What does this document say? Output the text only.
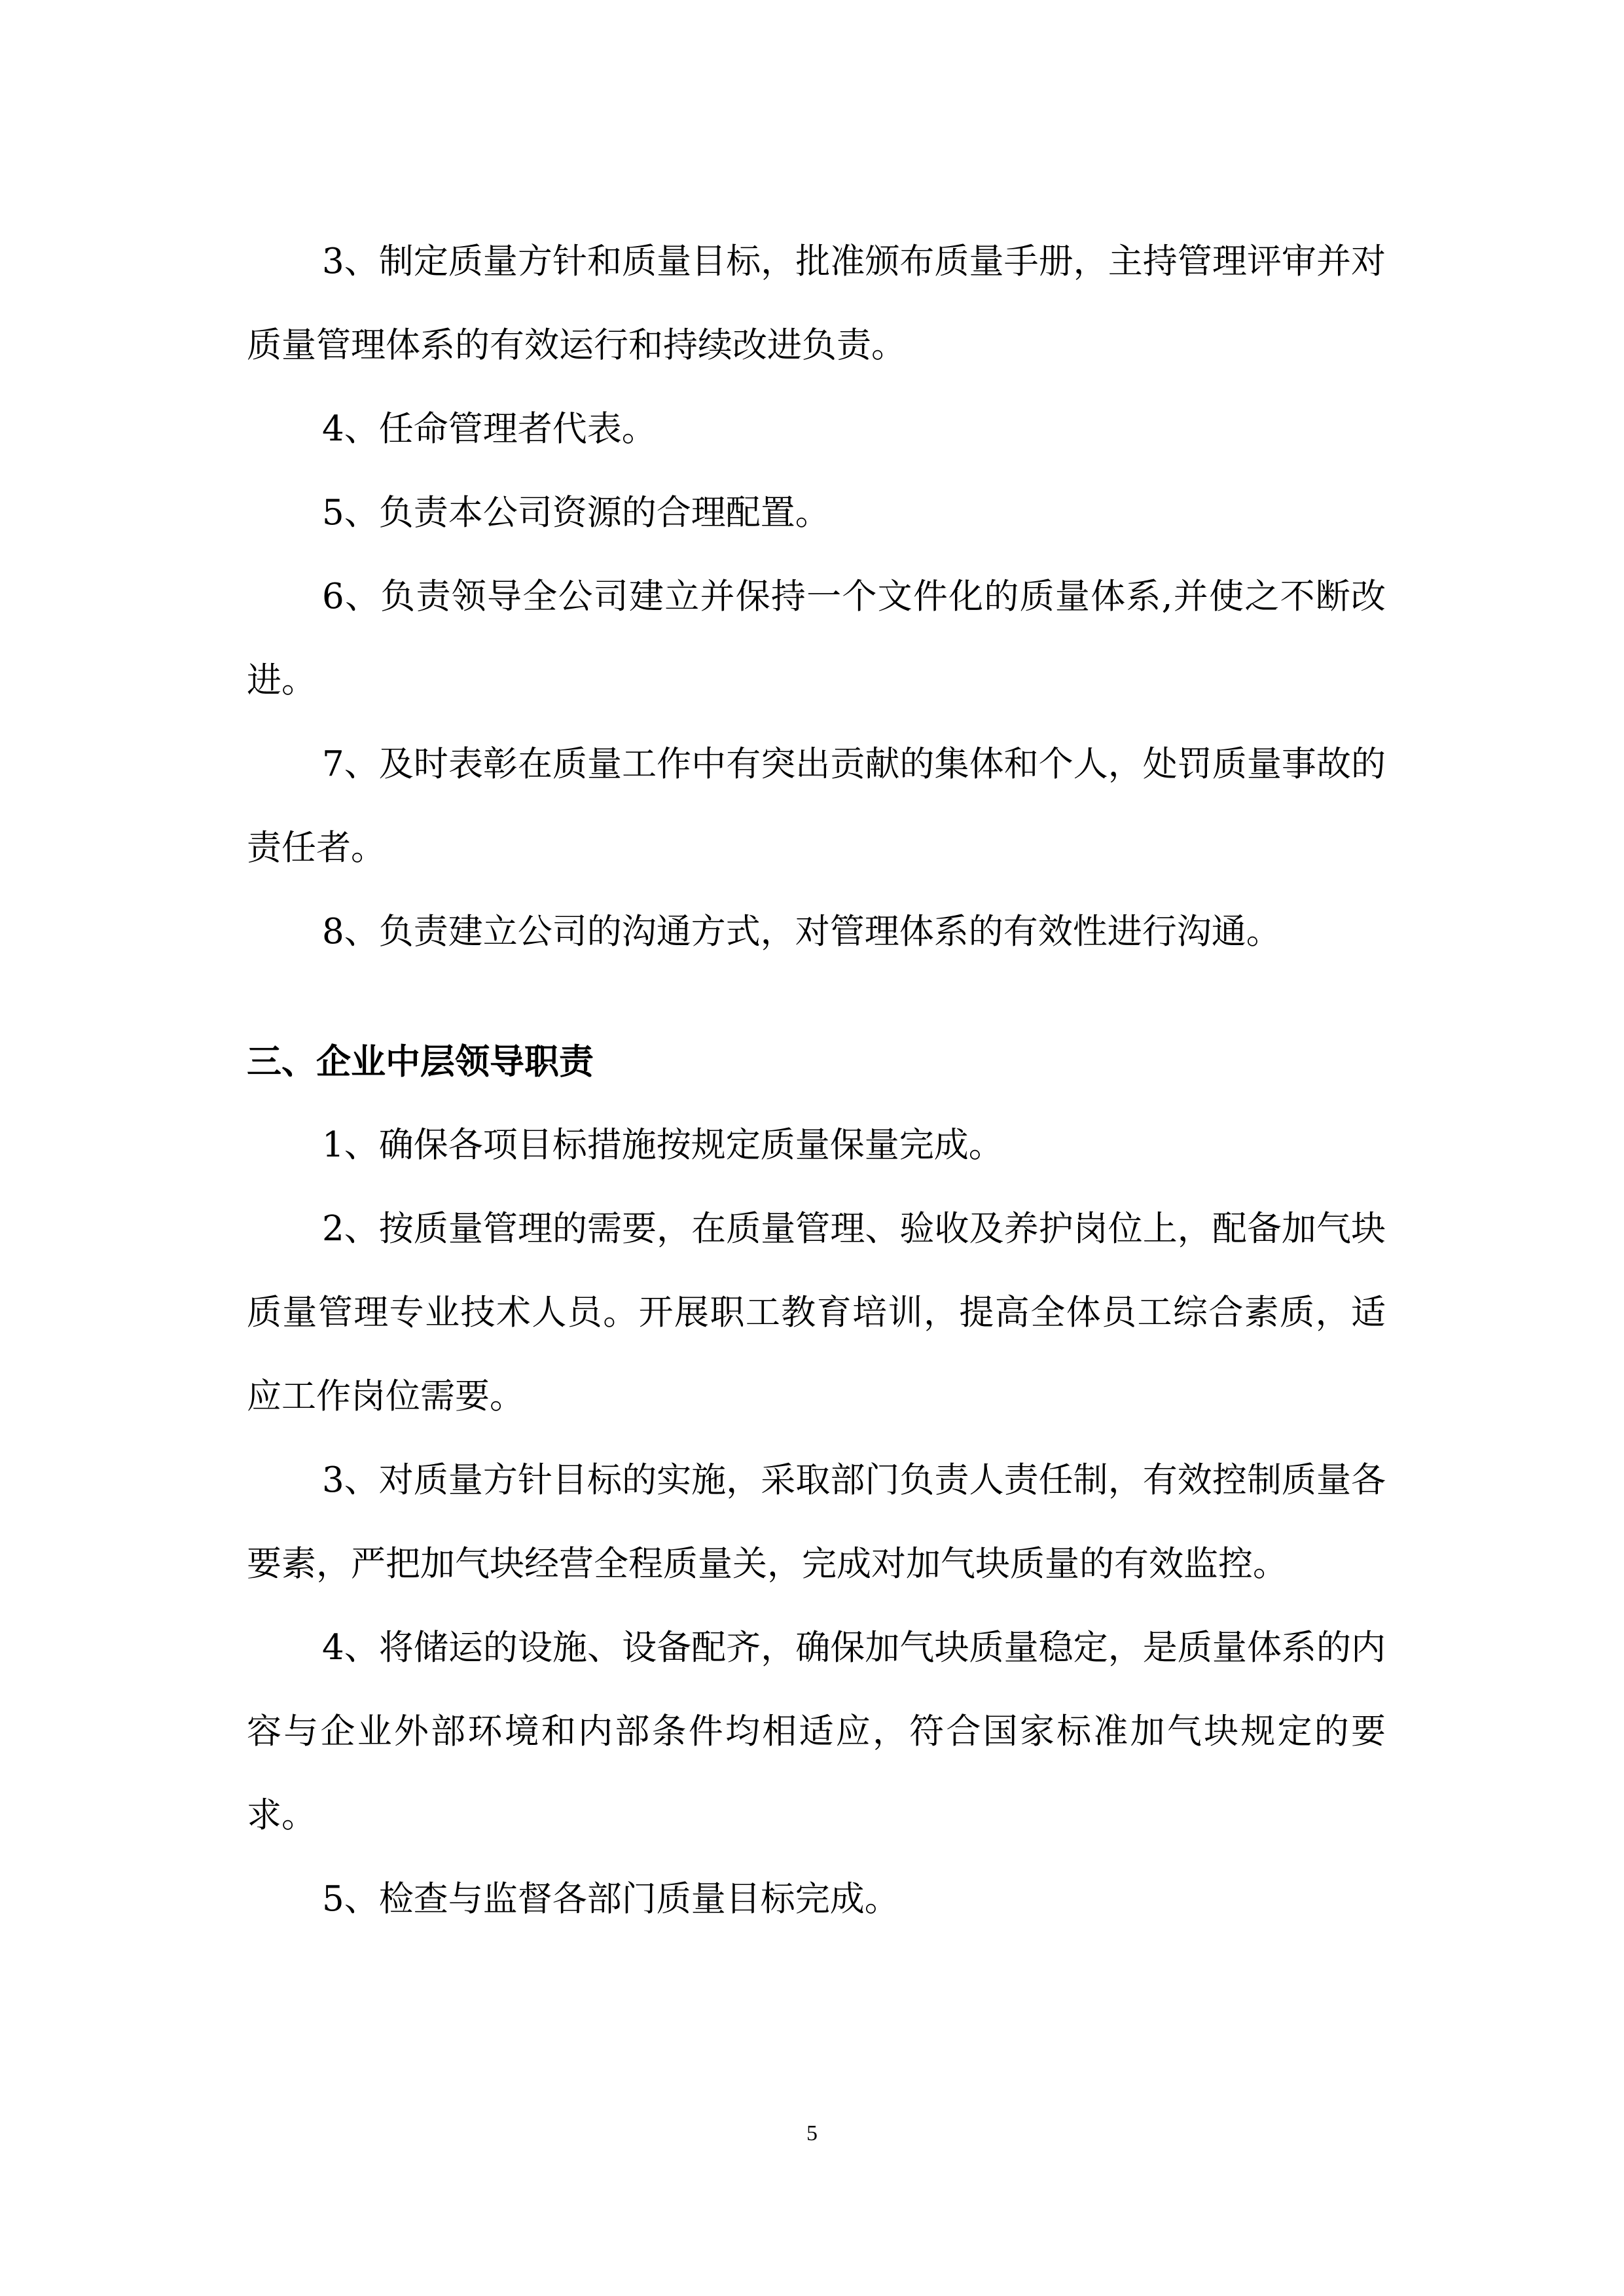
3、制定质量方针和质量目标，批准颁布质量手册，主持管理评审并对质量管理体系的有效运行和持续改进负责。

4、任命管理者代表。

5、负责本公司资源的合理配置。

6、负责领导全公司建立并保持一个文件化的质量体系,并使之不断改进。

7、及时表彰在质量工作中有突出贡献的集体和个人，处罚质量事故的责任者。

8、负责建立公司的沟通方式，对管理体系的有效性进行沟通。

三、企业中层领导职责

1、确保各项目标措施按规定质量保量完成。

2、按质量管理的需要，在质量管理、验收及养护岗位上，配备加气块质量管理专业技术人员。开展职工教育培训，提高全体员工综合素质，适应工作岗位需要。

3、对质量方针目标的实施，采取部门负责人责任制，有效控制质量各要素，严把加气块经营全程质量关，完成对加气块质量的有效监控。

4、将储运的设施、设备配齐，确保加气块质量稳定，是质量体系的内容与企业外部环境和内部条件均相适应，符合国家标准加气块规定的要求。

5、检查与监督各部门质量目标完成。

5
